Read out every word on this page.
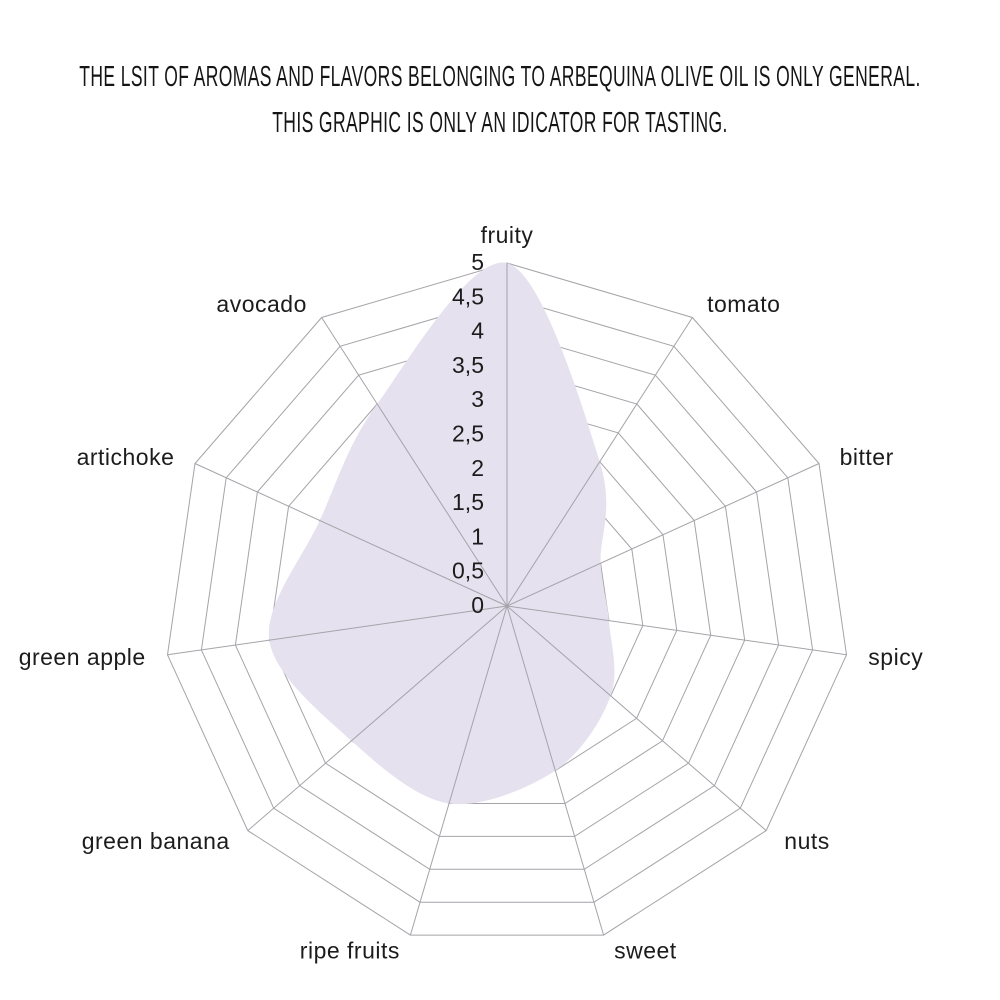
THE LSIT OF AROMAS AND FLAVORS BELONGING TO ARBEQUINA OLIVE OIL IS ONLY GENERAL.
THIS GRAPHIC IS ONLY AN IDICATOR FOR TASTING.
0
0,5
1
1,5
2
2,5
3
3,5
4
4,5
5
fruity
tomato
bitter
spicy
nuts
sweet
ripe fruits
green banana
green apple
artichoke
avocado
